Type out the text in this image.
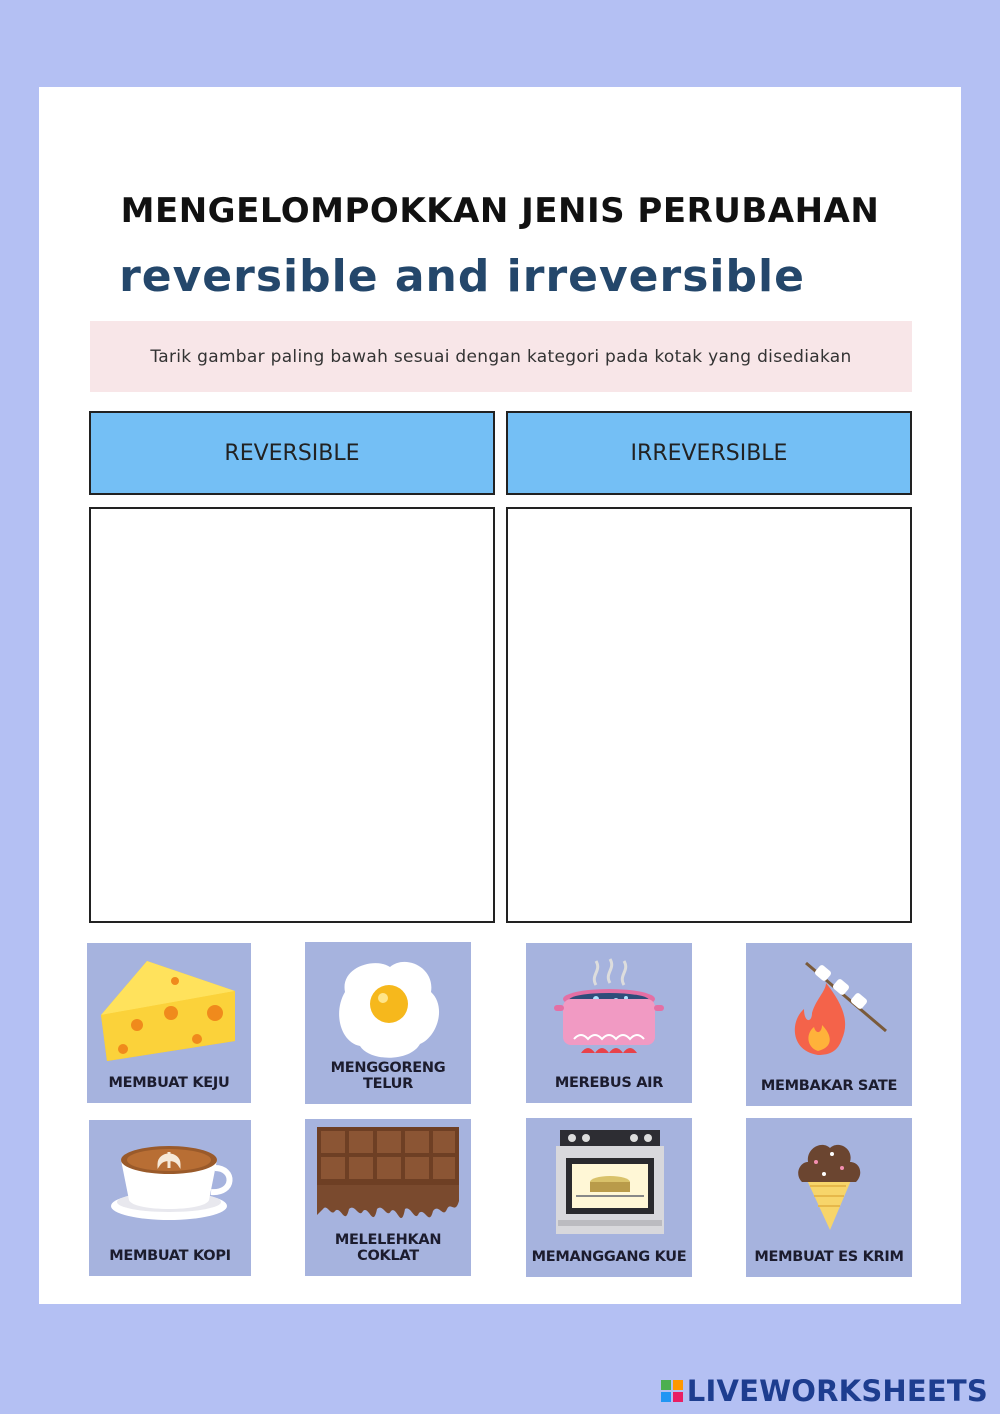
MENGELOMPOKKAN JENIS PERUBAHAN
reversible and irreversible
Tarik gambar paling bawah sesuai dengan kategori pada kotak yang disediakan
REVERSIBLE	IRREVERSIBLE
MEMBUAT KEJU
MENGGORENG TELUR	MEREBUS AIR	MEMBAKAR SATE
MEMBUAT KOPI
MELELEHKAN COKLAT	MEMANGGANG KUE	MEMBUAT ES KRIM
LIVEWORKSHEETS
